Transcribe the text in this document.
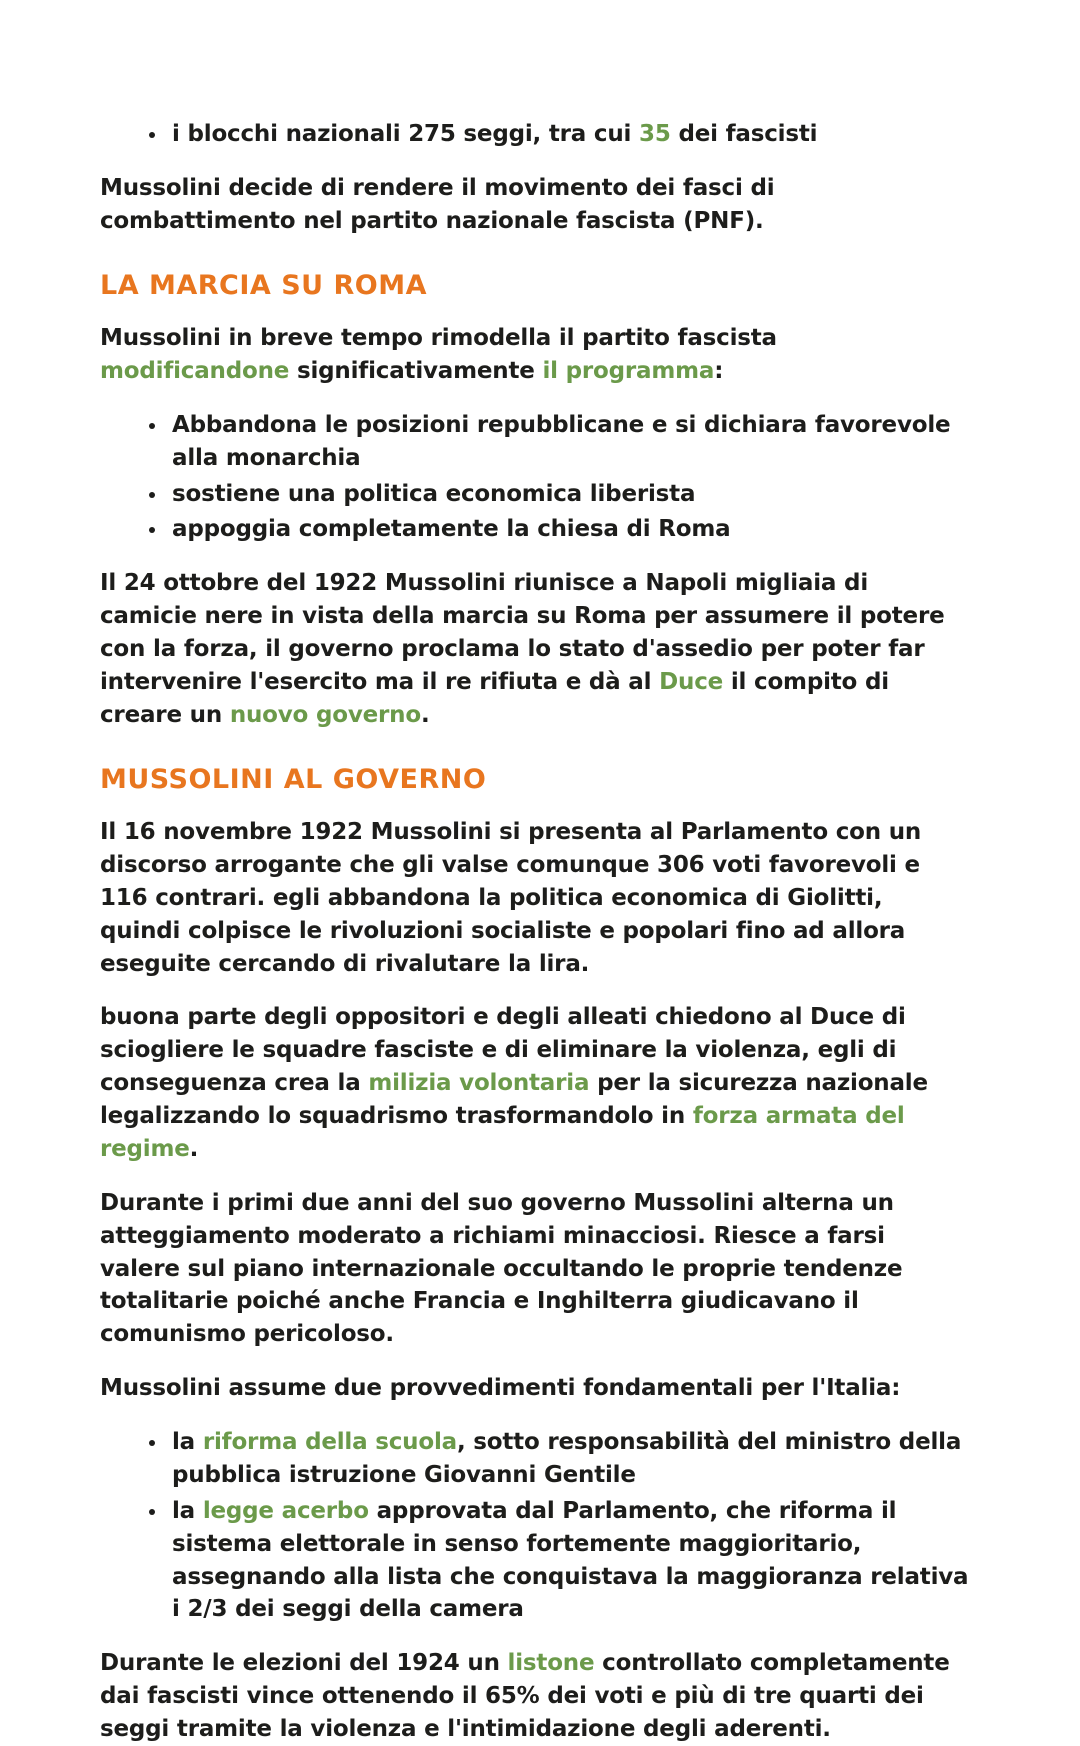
• i blocchi nazionali 275 seggi, tra cui 35 dei fascisti

Mussolini decide di rendere il movimento dei fasci di combattimento nel partito nazionale fascista (PNF).

LA MARCIA SU ROMA

Mussolini in breve tempo rimodella il partito fascista modificandone significativamente il programma:

• Abbandona le posizioni repubblicane e si dichiara favorevole alla monarchia
• sostiene una politica economica liberista
• appoggia completamente la chiesa di Roma

Il 24 ottobre del 1922 Mussolini riunisce a Napoli migliaia di camicie nere in vista della marcia su Roma per assumere il potere con la forza, il governo proclama lo stato d'assedio per poter far intervenire l'esercito ma il re rifiuta e dà al Duce il compito di creare un nuovo governo.

MUSSOLINI AL GOVERNO

Il 16 novembre 1922 Mussolini si presenta al Parlamento con un discorso arrogante che gli valse comunque 306 voti favorevoli e 116 contrari. egli abbandona la politica economica di Giolitti, quindi colpisce le rivoluzioni socialiste e popolari fino ad allora eseguite cercando di rivalutare la lira.

buona parte degli oppositori e degli alleati chiedono al Duce di sciogliere le squadre fasciste e di eliminare la violenza, egli di conseguenza crea la milizia volontaria per la sicurezza nazionale legalizzando lo squadrismo trasformandolo in forza armata del regime.

Durante i primi due anni del suo governo Mussolini alterna un atteggiamento moderato a richiami minacciosi. Riesce a farsi valere sul piano internazionale occultando le proprie tendenze totalitarie poiché anche Francia e Inghilterra giudicavano il comunismo pericoloso.

Mussolini assume due provvedimenti fondamentali per l'Italia:

• la riforma della scuola, sotto responsabilità del ministro della pubblica istruzione Giovanni Gentile
• la legge acerbo approvata dal Parlamento, che riforma il sistema elettorale in senso fortemente maggioritario, assegnando alla lista che conquistava la maggioranza relativa i 2/3 dei seggi della camera

Durante le elezioni del 1924 un listone controllato completamente dai fascisti vince ottenendo il 65% dei voti e più di tre quarti dei seggi tramite la violenza e l'intimidazione degli aderenti.
